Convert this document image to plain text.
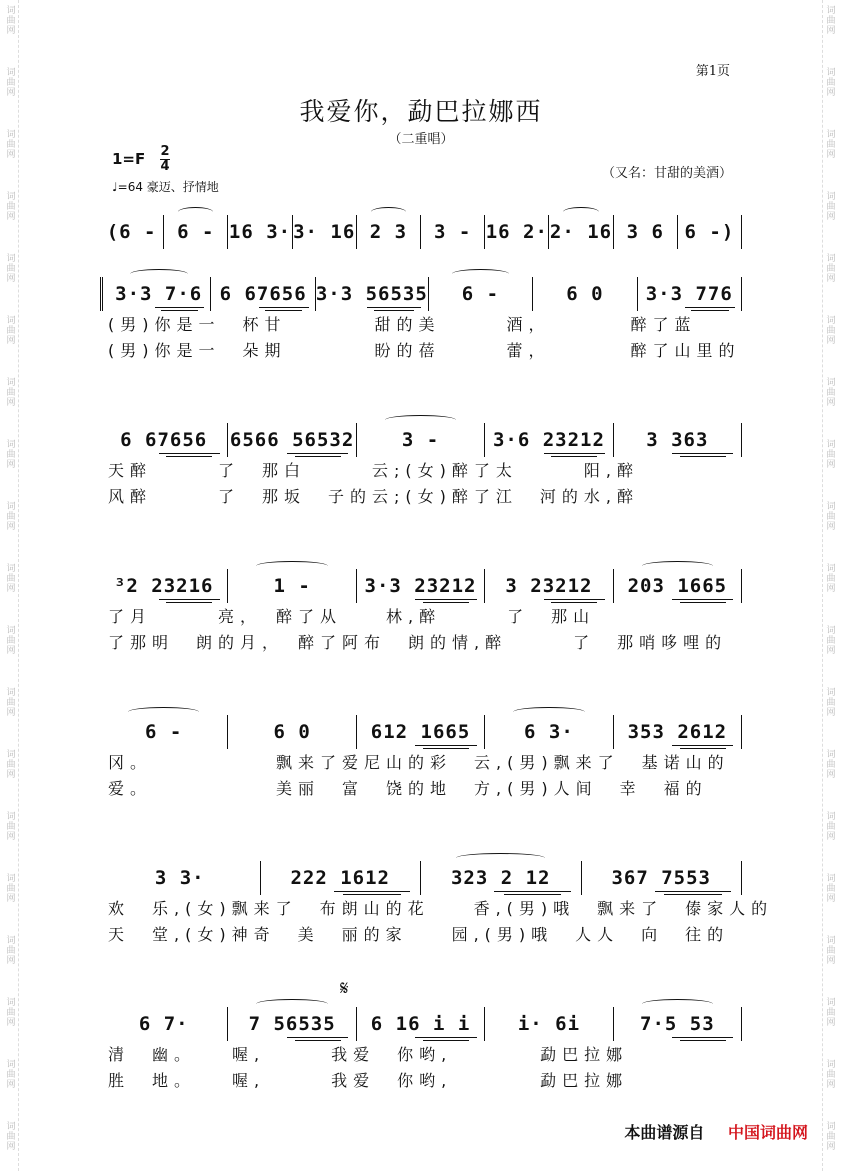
词曲网
词曲网
词曲网
词曲网
词曲网
词曲网
词曲网
词曲网
词曲网
词曲网
词曲网
词曲网
词曲网
词曲网
词曲网
词曲网
词曲网
词曲网
词曲网
词曲网
词曲网
词曲网
词曲网
词曲网
词曲网
词曲网
词曲网
词曲网
词曲网
词曲网
词曲网
词曲网
词曲网
词曲网
词曲网
词曲网
词曲网
词曲网
第1页
我爱你，勐巴拉娜西
（二重唱）
1=F 2
4	（又名：甘甜的美酒）
♩=64 豪迈、抒情地
(6 - 6 - 16 3· 3· 16 2 3 3 - 16 2· 2· 16 3 6 6 -)
3·3 7·6 6 67656 3·3 56535 6 -	6 0 3·3 776
(男)你是一　杯甘　　　　甜的美　　　酒，　　　　醉了蓝
(男)你是一　朵期　　　　盼的蓓　　　蕾，　　　　醉了山里的
6 67656 6566 56532	3 -	3·6 23212 3 363
天醉　　　了　那白　　　云;(女)醉了太　　　阳,醉
风醉　　　了　那坂　子的云;(女)醉了江　河的水,醉
³2 23216	1 -	3·3 23212 3 23212 203 1665
了月　　　亮，　醉了从　　林,醉　　　了　那山
了那明　朗的月，　醉了阿布　朗的情,醉　　　了　那哨哆哩的
6 -	6 0	612 1665	6 3·	353 2612
冈。　　　　　　飘来了爱尼山的彩　云,(男)飘来了　基诺山的
爱。　　　　　　美丽　富　饶的地　方,(男)人间　幸　福的
3 3·	222 1612	323 2 12	367 7553
欢　乐,(女)飘来了　布朗山的花　　香,(男)哦　飘来了　傣家人的
天　堂,(女)神奇　美　丽的家　　园,(男)哦　人人　向　往的
𝄋
6 7·	7 56535 6 16 i i	i· 6i	7·5 53
清　幽。　　喔,　　　我爱　你哟,　　　　勐巴拉娜
胜　地。　　喔,　　　我爱　你哟,　　　　勐巴拉娜
本曲谱源自 中国词曲网
